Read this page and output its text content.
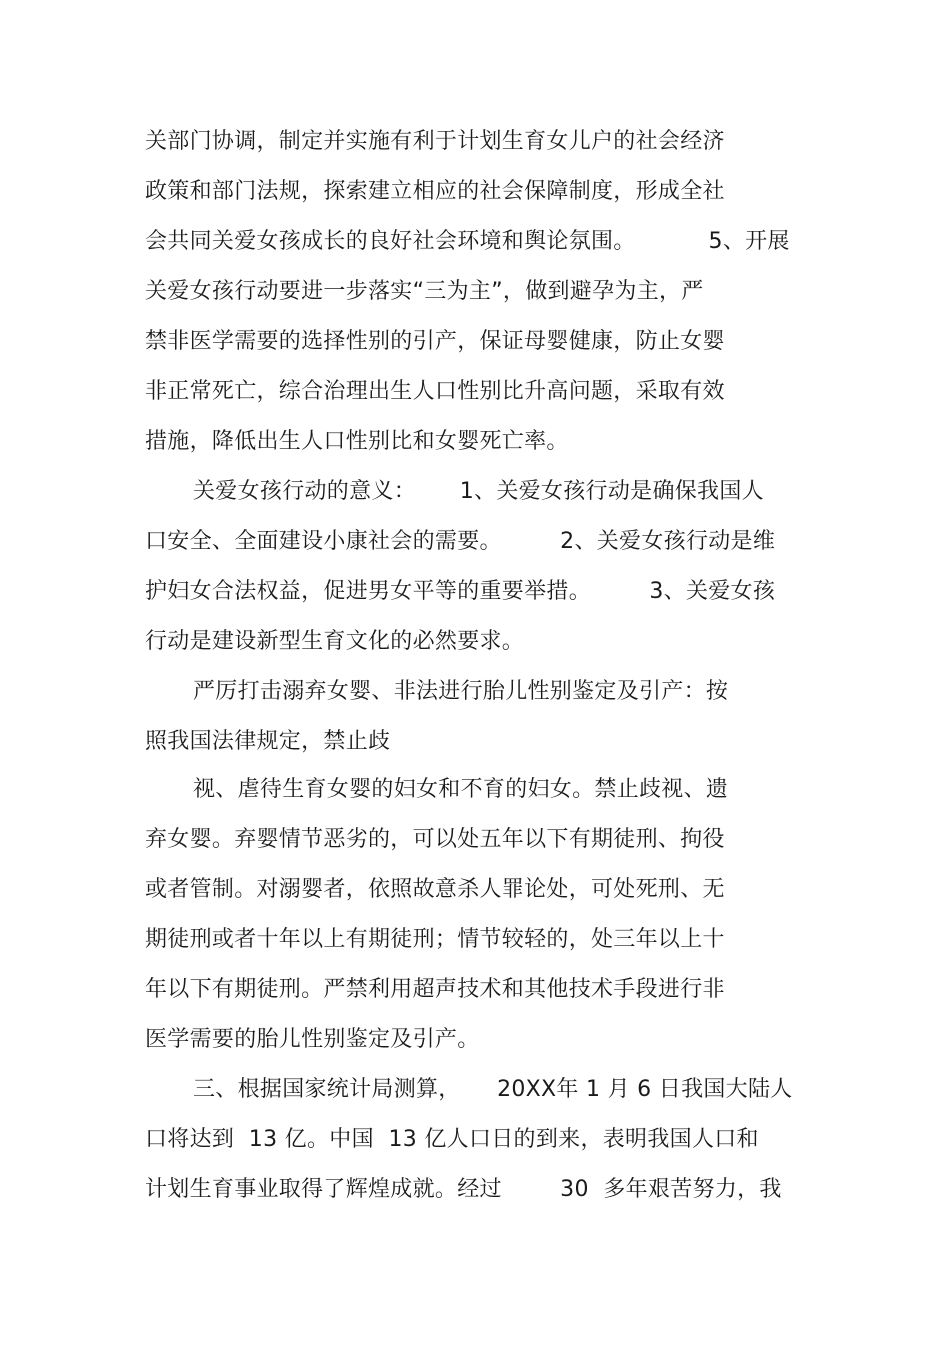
关部门协调，制定并实施有利于计划生育女儿户的社会经济
政策和部门法规，探索建立相应的社会保障制度，形成全社
会共同关爱女孩成长的良好社会环境和舆论氛围。          5、开展
关爱女孩行动要进一步落实“三为主”，做到避孕为主，严
禁非医学需要的选择性别的引产，保证母婴健康，防止女婴
非正常死亡，综合治理出生人口性别比升高问题，采取有效
措施，降低出生人口性别比和女婴死亡率。
关爱女孩行动的意义：      1、关爱女孩行动是确保我国人
口安全、全面建设小康社会的需要。        2、关爱女孩行动是维
护妇女合法权益，促进男女平等的重要举措。        3、关爱女孩
行动是建设新型生育文化的必然要求。
严厉打击溺弃女婴、非法进行胎儿性别鉴定及引产：按
照我国法律规定，禁止歧
视、虐待生育女婴的妇女和不育的妇女。禁止歧视、遗
弃女婴。弃婴情节恶劣的，可以处五年以下有期徒刑、拘役
或者管制。对溺婴者，依照故意杀人罪论处，可处死刑、无
期徒刑或者十年以上有期徒刑；情节较轻的，处三年以上十
年以下有期徒刑。严禁利用超声技术和其他技术手段进行非
医学需要的胎儿性别鉴定及引产。
三、根据国家统计局测算，     20XX年 1 月 6 日我国大陆人
口将达到  13 亿。中国  13 亿人口日的到来，表明我国人口和
计划生育事业取得了辉煌成就。经过        30  多年艰苦努力，我
